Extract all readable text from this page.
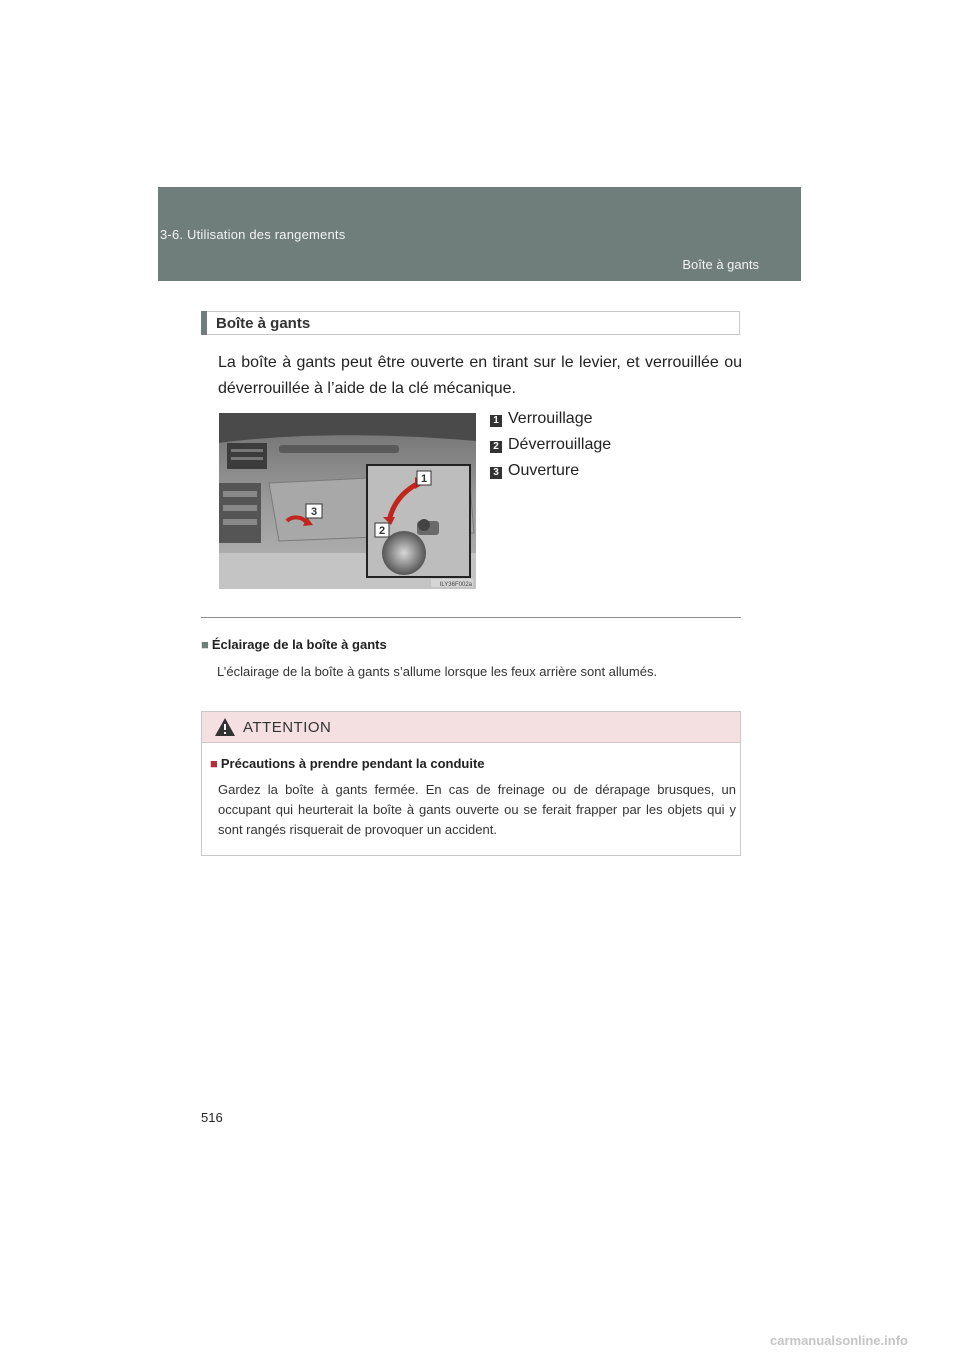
3-6. Utilisation des rangements
Boîte à gants
Boîte à gants
La boîte à gants peut être ouverte en tirant sur le levier, et verrouillée ou déverrouillée à l’aide de la clé mécanique.
3
1
2
ILY36F002a
1 Verrouillage
2 Déverrouillage
3 Ouverture
■ Éclairage de la boîte à gants
L’éclairage de la boîte à gants s’allume lorsque les feux arrière sont allumés.
ATTENTION
■ Précautions à prendre pendant la conduite
Gardez la boîte à gants fermée. En cas de freinage ou de dérapage brusques, un occupant qui heurterait la boîte à gants ouverte ou se ferait frapper par les objets qui y sont rangés risquerait de provoquer un accident.
516
carmanualsonline.info
